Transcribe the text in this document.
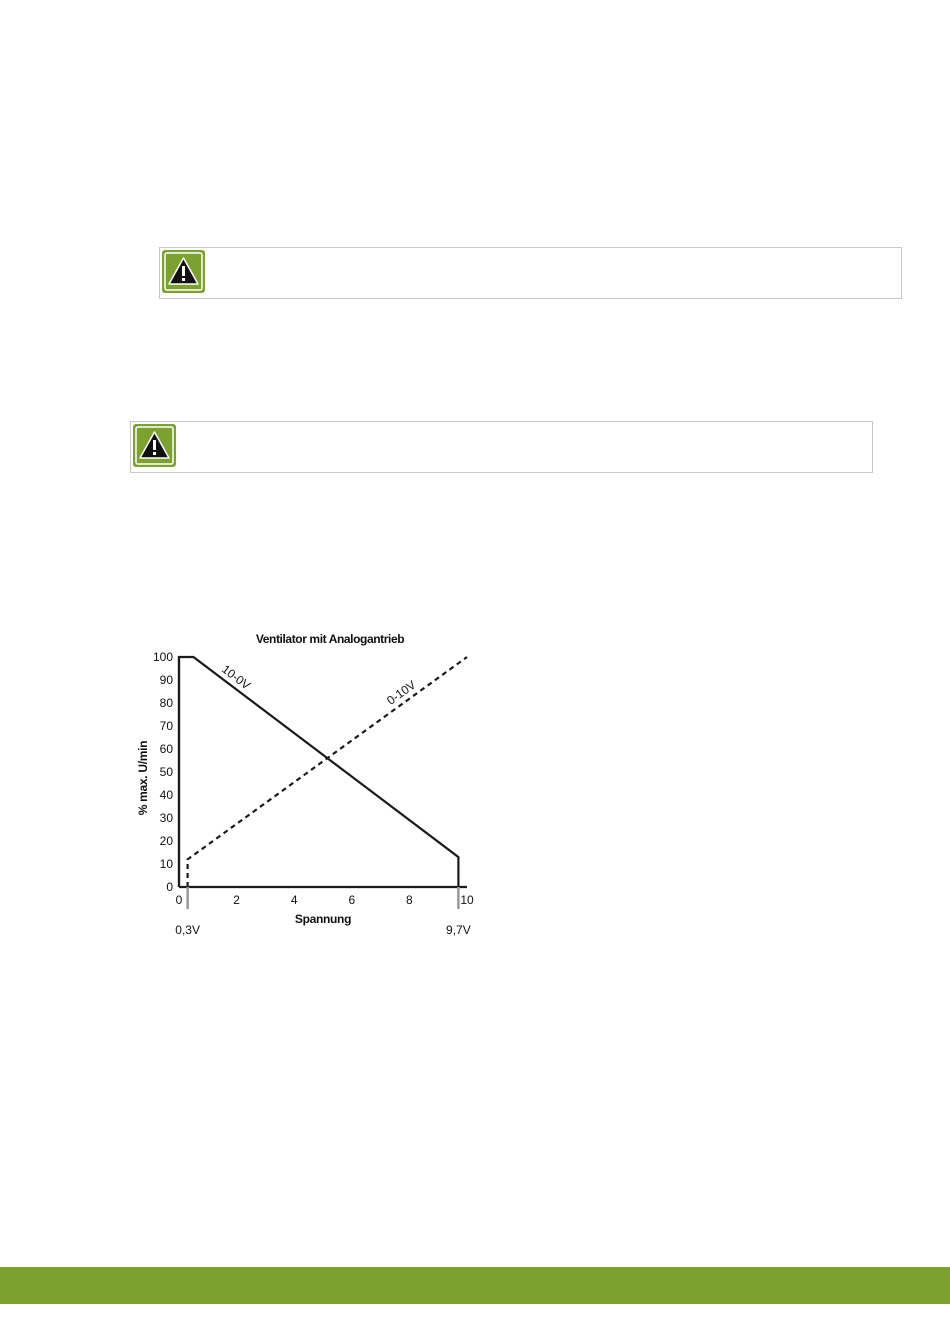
Ventilator mit Analogantrieb
0
10
20
30
40
50
60
70
80
90
100
0	2	4	6	8	10
Spannung
% max. U/min
0,3V	9,7V
10-0V
0-10V
